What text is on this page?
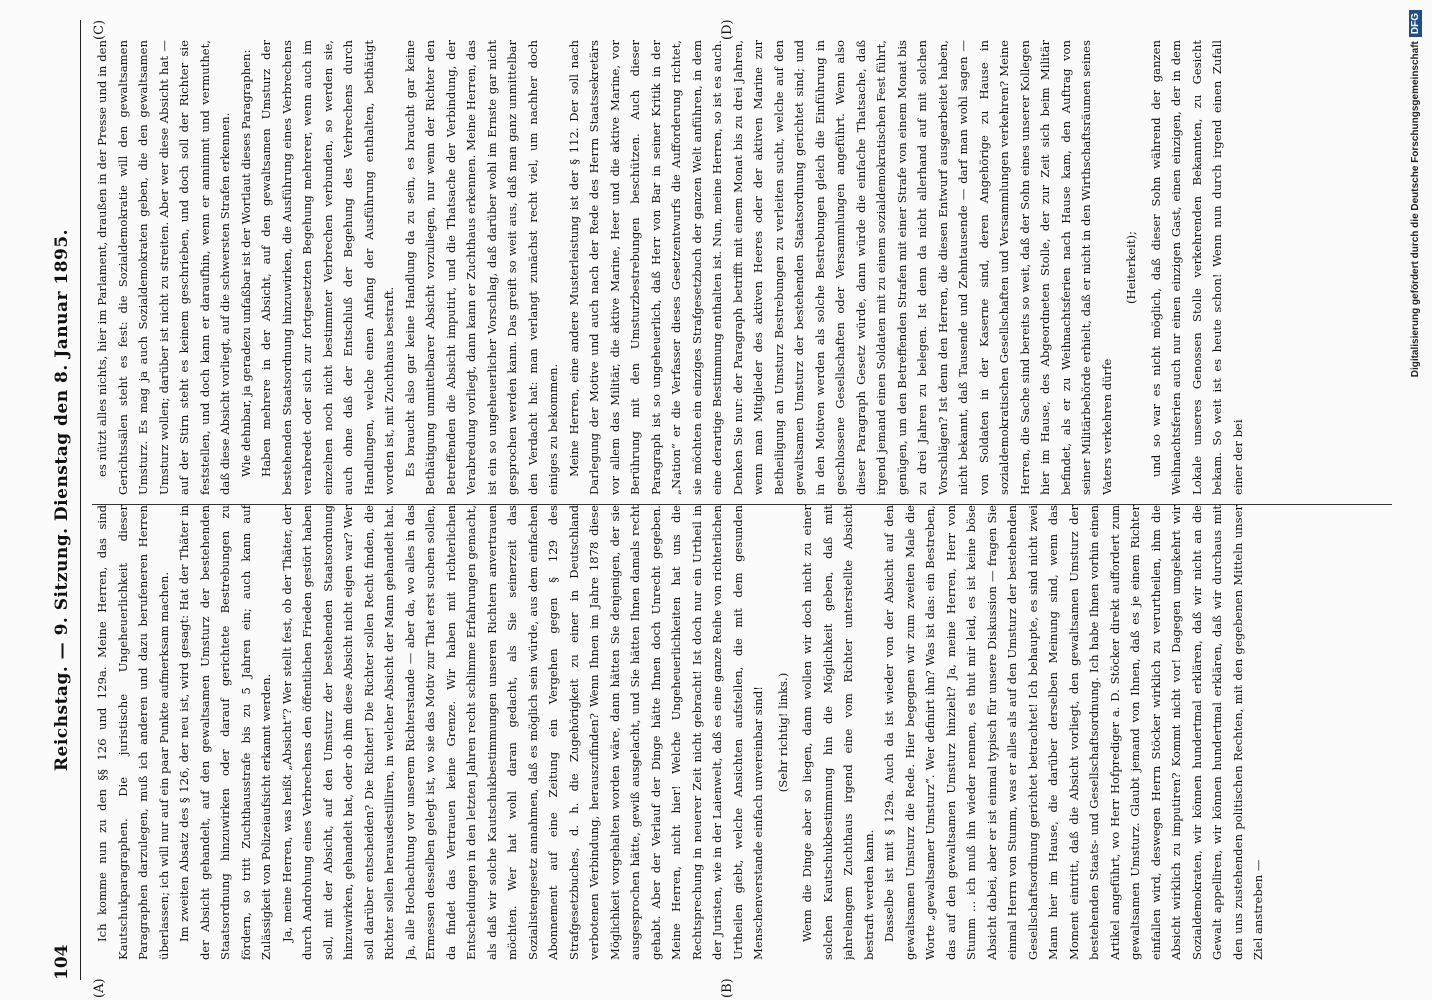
104
Reichstag. — 9. Sitzung. Dienstag den 8. Januar 1895.
(A)	(B)
(C)	(D)

Ich komme nun zu den §§ 126 und 129a. Meine Herren, das sind Kautschukparagraphen. Die juristische Ungeheuerlichkeit dieser Paragraphen darzulegen, muß ich anderen und dazu berufeneren Herren überlassen; ich will nur auf ein paar Punkte aufmerksam machen. Im zweiten Absatz des § 126, der neu ist, wird gesagt: Hat der Thäter in der Absicht gehandelt, auf den gewaltsamen Umsturz der bestehenden Staatsordnung hinzuwirken oder darauf gerichtete Bestrebungen zu fördern, so tritt Zuchthausstrafe bis zu 5 Jahren ein; auch kann auf Zulässigkeit von Polizeiaufsicht erkannt werden. Ja, meine Herren, was heißt „Absicht“? Wer stellt fest, ob der Thäter, der durch Androhung eines Verbrechens den öffentlichen Frieden gestört haben soll, mit der Absicht, auf den Umsturz der bestehenden Staatsordnung hinzuwirken, gehandelt hat, oder ob ihm diese Absicht nicht eigen war? Wer soll darüber entscheiden? Die Richter! Die Richter sollen Recht finden, die Richter sollen herausdestilliren, in welcher Absicht der Mann gehandelt hat. Ja, alle Hochachtung vor unserem Richterstande — aber da, wo alles in das Ermessen desselben gelegt ist, wo sie das Motiv zur That erst suchen sollen, da findet das Vertrauen keine Grenze. Wir haben mit richterlichen Entscheidungen in den letzten Jahren recht schlimme Erfahrungen gemacht, als daß wir solche Kautschukbestimmungen unseren Richtern anvertrauen möchten. Wer hat wohl daran gedacht, als Sie seinerzeit das Sozialistengesetz annahmen, daß es möglich sein würde, aus dem einfachen Abonnement auf eine Zeitung ein Vergehen gegen § 129 des Strafgesetzbuches, d. h. die Zugehörigkeit zu einer in Deutschland verbotenen Verbindung, herauszufinden? Wenn Ihnen im Jahre 1878 diese Möglichkeit vorgehalten worden wäre, dann hätten Sie denjenigen, der sie ausgesprochen hätte, gewiß ausgelacht, und Sie hätten Ihnen damals recht gehabt. Aber der Verlauf der Dinge hätte Ihnen doch Unrecht gegeben. Meine Herren, nicht hier! Welche Ungeheuerlichkeiten hat uns die Rechtsprechung in neuerer Zeit nicht gebracht! Ist doch nur ein Urtheil in der Juristen, wie in der Laienwelt, daß es eine ganze Reihe von richterlichen Urtheilen giebt, welche Ansichten aufstellen, die mit dem gesunden Menschenverstande einfach unvereinbar sind! (Sehr richtig! links.) Wenn die Dinge aber so liegen, dann wollen wir doch nicht zu einer solchen Kautschukbestimmung hin die Möglichkeit geben, daß mit jahrelangem Zuchthaus irgend eine vom Richter unterstellte Absicht bestraft werden kann. Dasselbe ist mit § 129a. Auch da ist wieder von der Absicht auf den gewaltsamen Umsturz die Rede. Hier begegnen wir zum zweiten Male die Worte „gewaltsamer Umsturz“. Wer definirt ihn? Was ist das: ein Bestreben, das auf den gewaltsamen Umsturz hinzielt? Ja, meine Herren, Herr von Stumm ... ich muß ihn wieder nennen, es thut mir leid, es ist keine böse Absicht dabei, aber er ist einmal typisch für unsere Diskussion — fragen Sie einmal Herrn von Stumm, was er alles als auf den Umsturz der bestehenden Gesellschaftsordnung gerichtet betrachtet! Ich behaupte, es sind nicht zwei Mann hier im Hause, die darüber derselben Meinung sind, wenn das Moment eintritt, daß die Absicht vorliegt, den gewaltsamen Umsturz der bestehenden Staats- und Gesellschaftsordnung. Ich habe Ihnen vorhin einen Artikel angeführt, wo Herr Hofprediger a. D. Stöcker direkt auffordert zum gewaltsamen Umsturz. Glaubt jemand von Ihnen, daß es je einem Richter einfallen wird, deswegen Herrn Stöcker wirklich zu verurtheilen, ihm die Absicht wirklich zu imputiren? Kommt nicht vor! Dagegen umgekehrt wir Sozialdemokraten, wir können hundertmal erklären, daß wir nicht an die Gewalt appelliren, wir können hundertmal erklären, daß wir durchaus mit den uns zustehenden politischen Rechten, mit den gegebenen Mitteln unser Ziel anstreben —

es nützt alles nichts, hier im Parlament, draußen in der Presse und in den Gerichtssälen steht es fest: die Sozialdemokratie will den gewaltsamen Umsturz. Es mag ja auch Sozialdemokraten geben, die den gewaltsamen Umsturz wollen; darüber ist nicht zu streiten. Aber wer diese Absicht hat — auf der Stirn steht es keinem geschrieben, und doch soll der Richter sie feststellen, und doch kann er daraufhin, wenn er annimmt und vermuthet, daß diese Absicht vorliegt, auf die schwersten Strafen erkennen. Wie dehnbar, ja geradezu unfaßbar ist der Wortlaut dieses Paragraphen: Haben mehrere in der Absicht, auf den gewaltsamen Umsturz der bestehenden Staatsordnung hinzuwirken, die Ausführung eines Verbrechens verabredet oder sich zur fortgesetzten Begehung mehrerer, wenn auch im einzelnen noch nicht bestimmter Verbrechen verbunden, so werden sie, auch ohne daß der Entschluß der Begehung des Verbrechens durch Handlungen, welche einen Anfang der Ausführung enthalten, bethätigt worden ist, mit Zuchthaus bestraft. Es braucht also gar keine Handlung da zu sein, es braucht gar keine Bethätigung unmittelbarer Absicht vorzuliegen, nur wenn der Richter den Betreffenden die Absicht imputirt, und die Thatsache der Verbindung, der Verabredung vorliegt, dann kann er Zuchthaus erkennen. Meine Herren, das ist ein so ungeheuerlicher Vorschlag, daß darüber wohl im Ernste gar nicht gesprochen werden kann. Das greift so weit aus, daß man ganz unmittelbar den Verdacht hat: man verlangt zunächst recht viel, um nachher doch einiges zu bekommen. Meine Herren, eine andere Musterleistung ist der § 112. Der soll nach Darlegung der Motive und auch nach der Rede des Herrn Staatssekretärs vor allem das Militär, die aktive Marine, Heer und die aktive Marine, vor Berührung mit den Umsturzbestrebungen beschützen. Auch dieser Paragraph ist so ungeheuerlich, daß Herr von Bar in seiner Kritik in der „Nation“ er die Verfasser dieses Gesetzentwurfs die Aufforderung richtet, sie möchten ein einziges Strafgesetzbuch der ganzen Welt anführen, in dem eine derartige Bestimmung enthalten ist. Nun, meine Herren, so ist es auch. Denken Sie nur: der Paragraph betrifft mit einem Monat bis zu drei Jahren, wenn man Mitglieder des aktiven Heeres oder der aktiven Marine zur Betheiligung an Umsturz Bestrebungen zu verleiten sucht, welche auf den gewaltsamen Umsturz der bestehenden Staatsordnung gerichtet sind; und in den Motiven werden als solche Bestrebungen gleich die Einführung in geschlossene Gesellschaften oder Versammlungen angeführt. Wenn also dieser Paragraph Gesetz würde, dann würde die einfache Thatsache, daß irgend jemand einen Soldaten mit zu einem sozialdemokratischen Fest führt, genügen, um den Betreffenden Strafen mit einer Strafe von einem Monat bis zu drei Jahren zu belegen. Ist denn da nicht allerhand auf mit solchen Vorschlägen? Ist denn den Herren, die diesen Entwurf ausgearbeitet haben, nicht bekannt, daß Tausende und Zehntausende — darf man wohl sagen — von Soldaten in der Kaserne sind, deren Angehörige zu Hause in sozialdemokratischen Gesellschaften und Versammlungen verkehren? Meine Herren, die Sache sind bereits so weit, daß der Sohn eines unserer Kollegen hier im Hause, des Abgeordneten Stolle, der zur Zeit sich beim Militär befindet, als er zu Weihnachtsferien nach Hause kam, den Auftrag von seiner Militärbehörde erhielt, daß er nicht in den Wirthschaftsräumen seines Vaters verkehren dürfe

(Heiterkeit); und so war es nicht möglich, daß dieser Sohn während der ganzen Weihnachtsferien auch nur einen einzigen Gast, einen einzigen, der in dem Lokale unseres Genossen Stolle verkehrenden Bekannten, zu Gesicht bekam. So weit ist es heute schon! Wenn nun durch irgend einen Zufall einer der bei

Digitalisierung gefördert durch die Deutsche ForschungsgemeinschaftDFG
